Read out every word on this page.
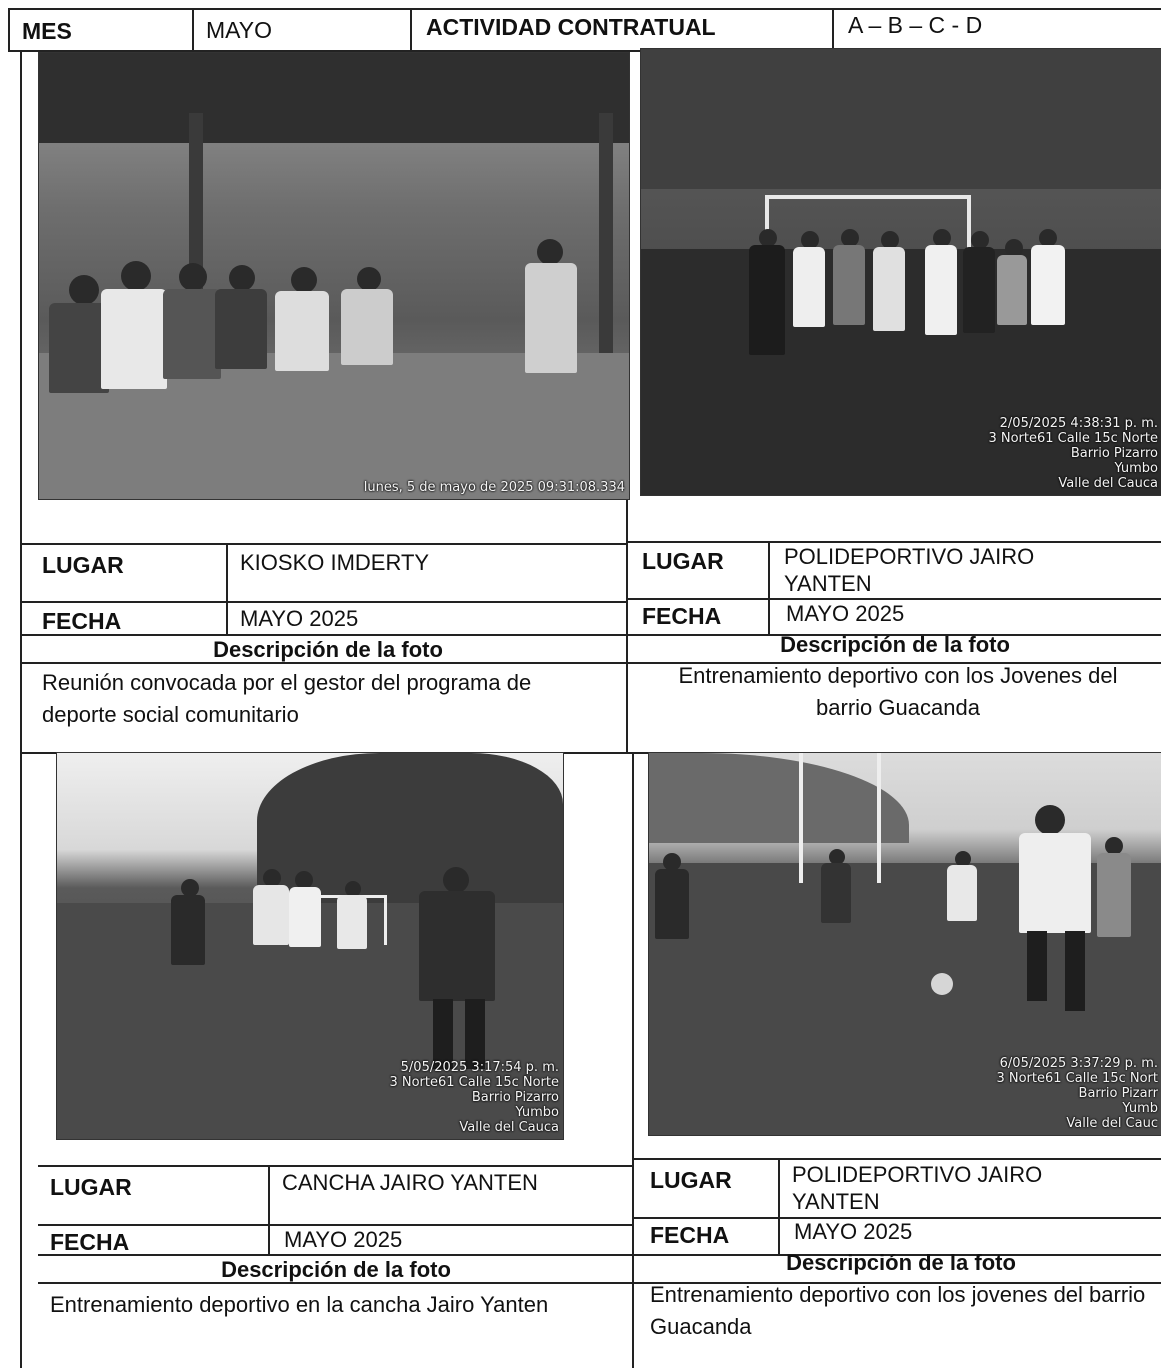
MES	MAYO	ACTIVIDAD CONTRATUAL	A – B – C - D
lunes, 5 de mayo de 2025 09:31:08.334
2/05/2025 4:38:31 p. m.
3 Norte61 Calle 15c Norte
Barrio Pizarro
Yumbo
Valle del Cauca
LUGAR	KIOSKO IMDERTY
FECHA	MAYO 2025
Descripción de la foto
Reunión convocada por el gestor del programa de deporte social comunitario
LUGAR	POLIDEPORTIVO JAIRO YANTEN
FECHA	MAYO 2025
Descripción de la foto
Entrenamiento deportivo con los Jovenes del barrio Guacanda
5/05/2025 3:17:54 p. m.
3 Norte61 Calle 15c Norte
Barrio Pizarro
Yumbo
Valle del Cauca
6/05/2025 3:37:29 p. m.
3 Norte61 Calle 15c Nort
Barrio Pizarr
Yumb
Valle del Cauc
LUGAR	CANCHA JAIRO YANTEN
FECHA	MAYO 2025
Descripción de la foto
Entrenamiento deportivo en la cancha Jairo Yanten
LUGAR	POLIDEPORTIVO JAIRO YANTEN
FECHA	MAYO 2025
Descripción de la foto
Entrenamiento deportivo con los jovenes del barrio Guacanda
